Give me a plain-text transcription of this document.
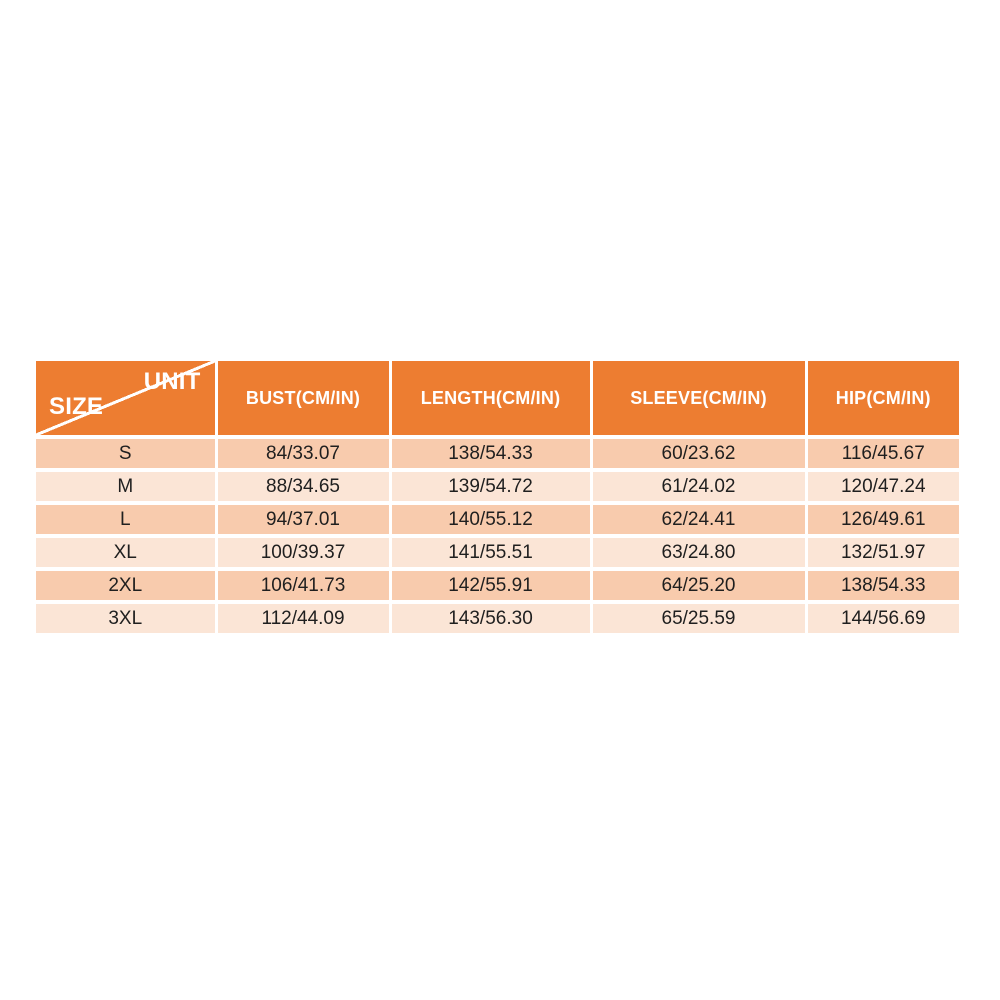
UNIT
SIZE	BUST(CM/IN)	LENGTH(CM/IN)	SLEEVE(CM/IN)	HIP(CM/IN)
S	84/33.07	138/54.33	60/23.62	116/45.67
M	88/34.65	139/54.72	61/24.02	120/47.24
L	94/37.01	140/55.12	62/24.41	126/49.61
XL	100/39.37	141/55.51	63/24.80	132/51.97
2XL	106/41.73	142/55.91	64/25.20	138/54.33
3XL	112/44.09	143/56.30	65/25.59	144/56.69
